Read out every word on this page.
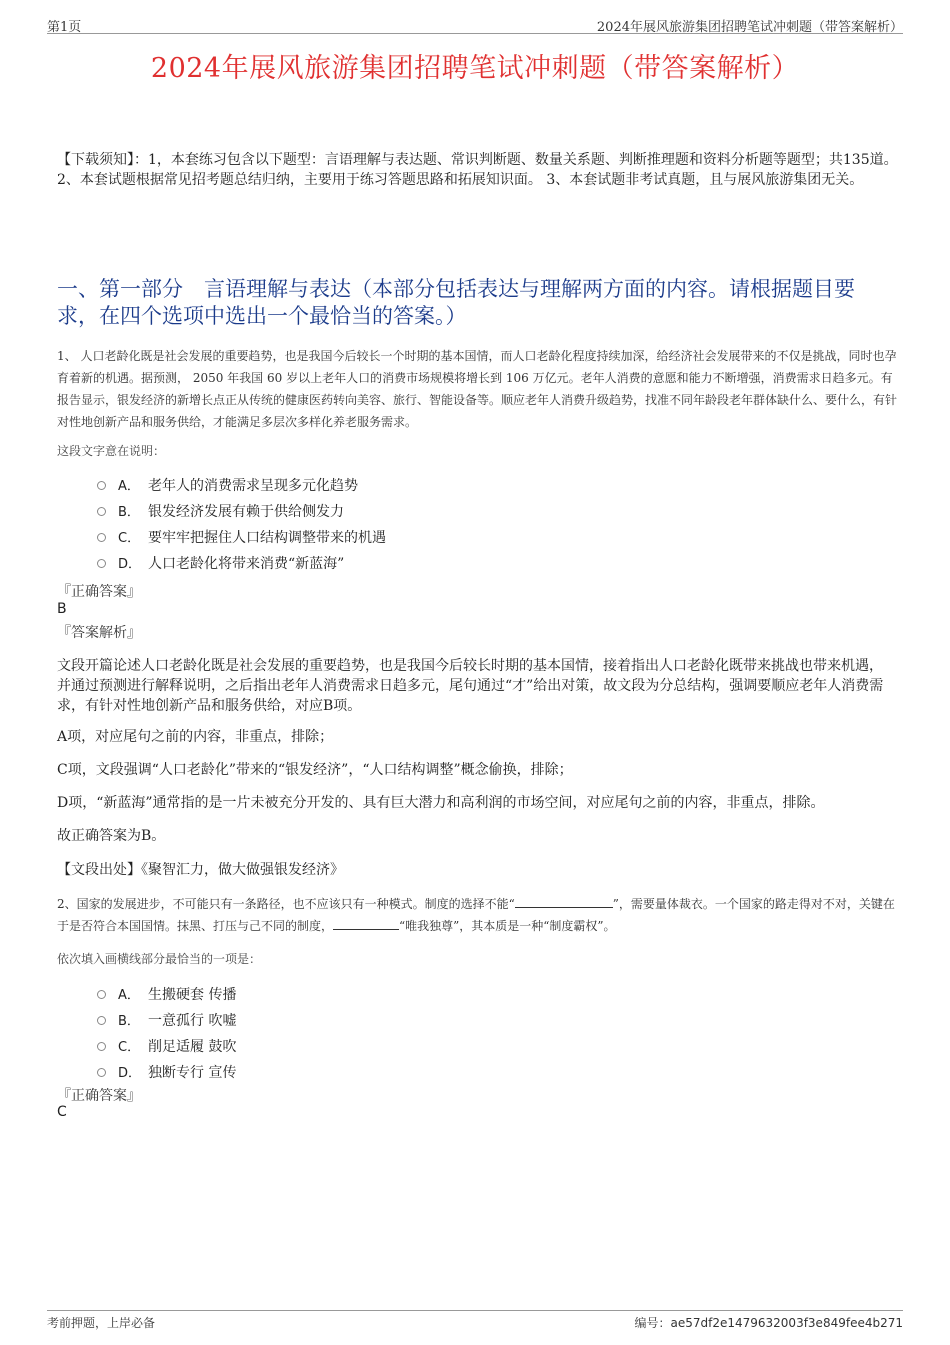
第1页	2024年展风旅游集团招聘笔试冲刺题（带答案解析）
2024年展风旅游集团招聘笔试冲刺题（带答案解析）
【下载须知】：1，本套练习包含以下题型：言语理解与表达题、常识判断题、数量关系题、判断推理题和资料分析题等题型；共135道。 2、本套试题根据常见招考题总结归纳，主要用于练习答题思路和拓展知识面。 3、本套试题非考试真题，且与展风旅游集团无关。
一、第一部分　言语理解与表达（本部分包括表达与理解两方面的内容。请根据题目要求，在四个选项中选出一个最恰当的答案。）
1、 人口老龄化既是社会发展的重要趋势，也是我国今后较长一个时期的基本国情，而人口老龄化程度持续加深，给经济社会发展带来的不仅是挑战，同时也孕育着新的机遇。据预测， 2050 年我国 60 岁以上老年人口的消费市场规模将增长到 106 万亿元。老年人消费的意愿和能力不断增强，消费需求日趋多元。有报告显示，银发经济的新增长点正从传统的健康医药转向美容、旅行、智能设备等。顺应老年人消费升级趋势，找准不同年龄段老年群体缺什么、要什么，有针对性地创新产品和服务供给，才能满足多层次多样化养老服务需求。
这段文字意在说明：
A． 老年人的消费需求呈现多元化趋势
B． 银发经济发展有赖于供给侧发力
C． 要牢牢把握住人口结构调整带来的机遇
D． 人口老龄化将带来消费“新蓝海”
『正确答案』
B
『答案解析』
文段开篇论述人口老龄化既是社会发展的重要趋势，也是我国今后较长时期的基本国情，接着指出人口老龄化既带来挑战也带来机遇，并通过预测进行解释说明，之后指出老年人消费需求日趋多元，尾句通过“才”给出对策，故文段为分总结构，强调要顺应老年人消费需求，有针对性地创新产品和服务供给，对应B项。
A项，对应尾句之前的内容，非重点，排除；
C项，文段强调“人口老龄化”带来的“银发经济”，“人口结构调整”概念偷换，排除；
D项，“新蓝海”通常指的是一片未被充分开发的、具有巨大潜力和高利润的市场空间，对应尾句之前的内容，非重点，排除。
故正确答案为B。
【文段出处】《聚智汇力，做大做强银发经济》
2、国家的发展进步，不可能只有一条路径，也不应该只有一种模式。制度的选择不能“	”，需要量体裁衣。一个国家的路走得对不对，关键在于是否符合本国国情。抹黑、打压与己不同的制度，	“唯我独尊”，其本质是一种“制度霸权”。
依次填入画横线部分最恰当的一项是：
A． 生搬硬套 传播
B． 一意孤行 吹嘘
C． 削足适履 鼓吹
D． 独断专行 宣传
『正确答案』
C
考前押题，上岸必备	编号：ae57df2e1479632003f3e849fee4b271
